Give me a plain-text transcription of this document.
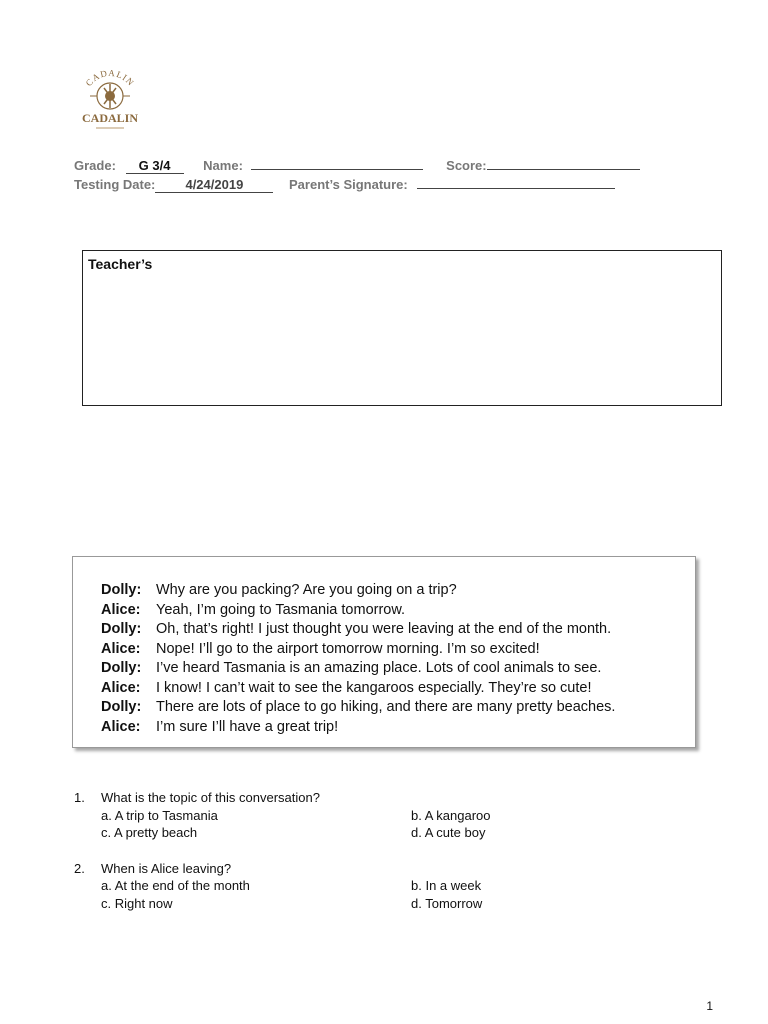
CADALIN
CADALIN
Grade: G 3/4	Name:	Score:
Testing Date: 4/24/2019	Parent’s Signature:
Teacher’s
Dolly: Why are you packing? Are you going on a trip?
Alice: Yeah, I’m going to Tasmania tomorrow.
Dolly: Oh, that’s right! I just thought you were leaving at the end of the month.
Alice: Nope! I’ll go to the airport tomorrow morning. I’m so excited!
Dolly: I’ve heard Tasmania is an amazing place. Lots of cool animals to see.
Alice: I know! I can’t wait to see the kangaroos especially. They’re so cute!
Dolly: There are lots of place to go hiking, and there are many pretty beaches.
Alice: I’m sure I’ll have a great trip!
1. What is the topic of this conversation?
a. A trip to Tasmania	b. A kangaroo
c. A pretty beach	d. A cute boy
2. When is Alice leaving?
a. At the end of the month	b. In a week
c. Right now	d. Tomorrow
1
